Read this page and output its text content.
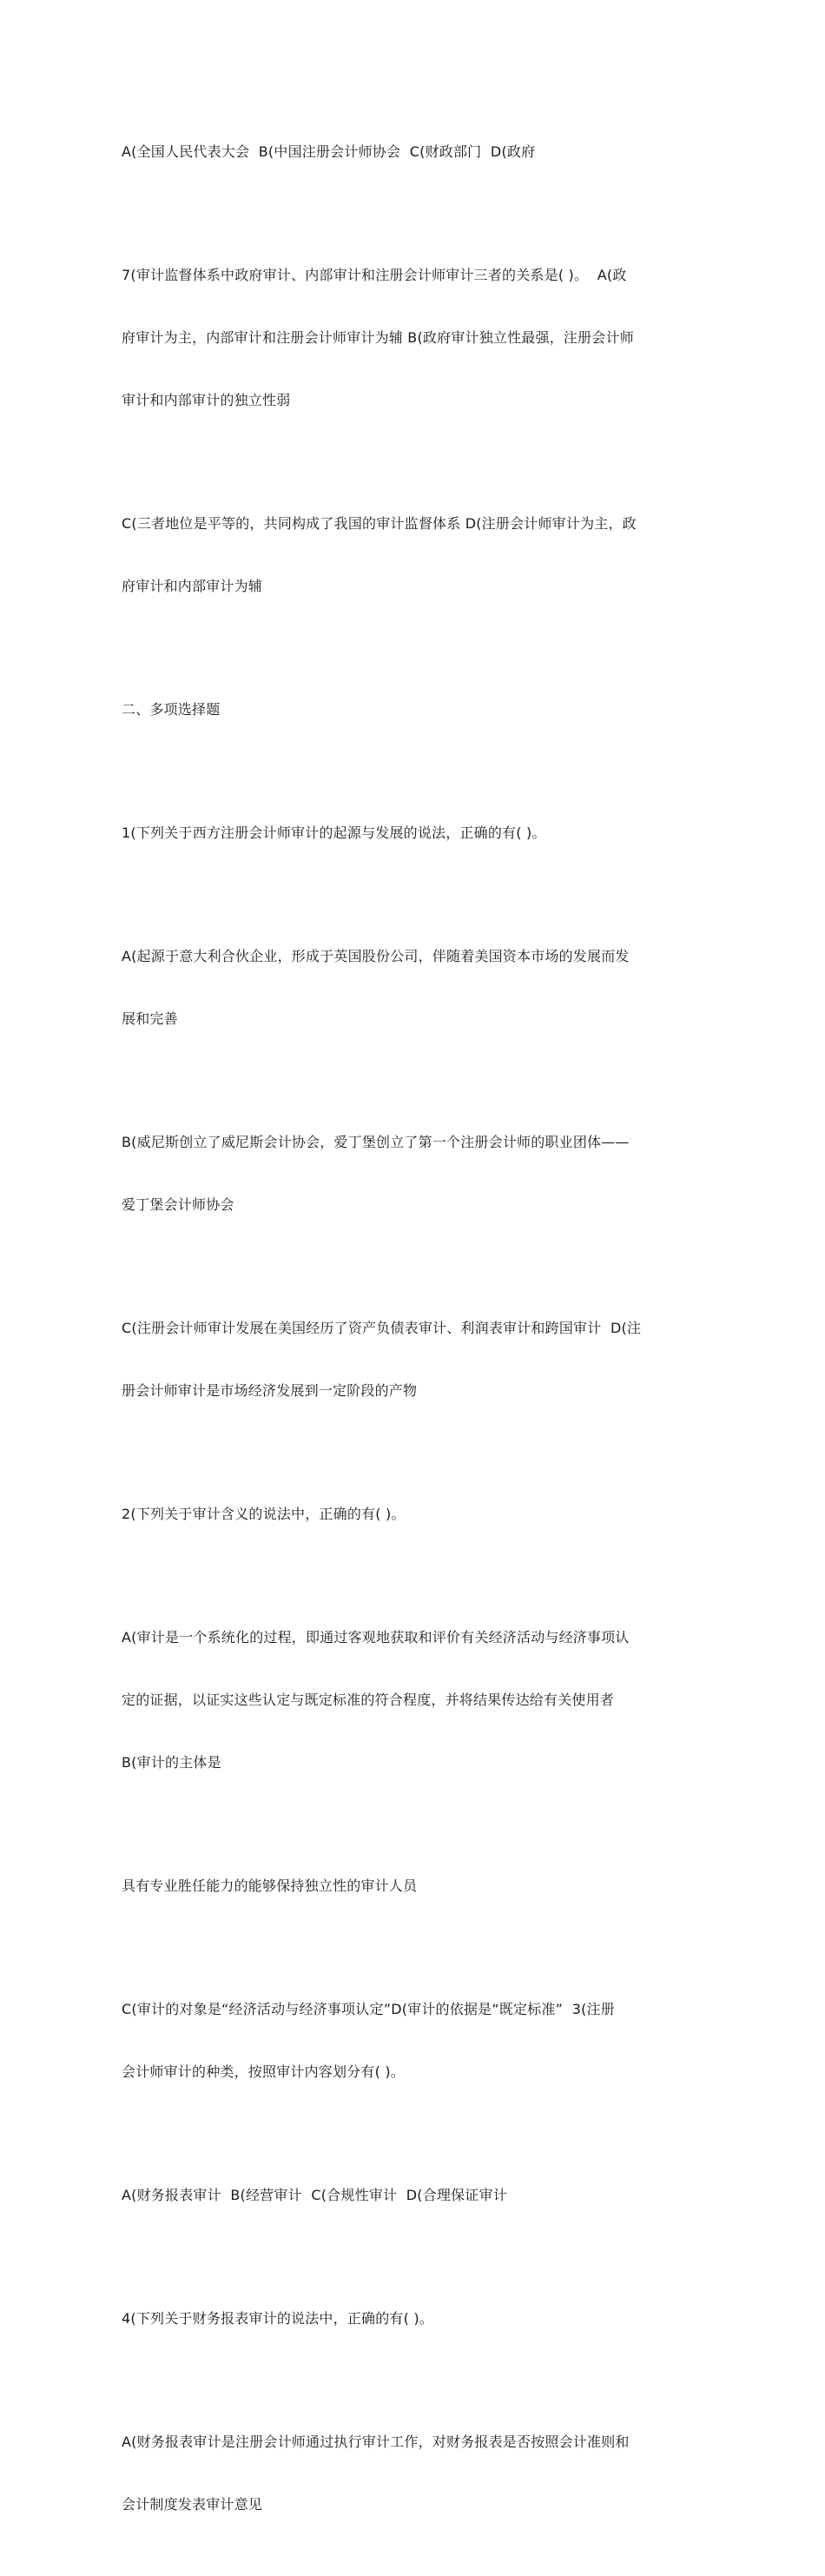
A(全国人民代表大会  B(中国注册会计师协会  C(财政部门  D(政府

7(审计监督体系中政府审计、内部审计和注册会计师审计三者的关系是( )。  A(政

府审计为主，内部审计和注册会计师审计为辅 B(政府审计独立性最强，注册会计师

审计和内部审计的独立性弱

C(三者地位是平等的，共同构成了我国的审计监督体系 D(注册会计师审计为主，政

府审计和内部审计为辅

二、多项选择题

1(下列关于西方注册会计师审计的起源与发展的说法，正确的有( )。

A(起源于意大利合伙企业，形成于英国股份公司，伴随着美国资本市场的发展而发

展和完善

B(威尼斯创立了威尼斯会计协会，爱丁堡创立了第一个注册会计师的职业团体——

爱丁堡会计师协会

C(注册会计师审计发展在美国经历了资产负债表审计、利润表审计和跨国审计  D(注

册会计师审计是市场经济发展到一定阶段的产物

2(下列关于审计含义的说法中，正确的有( )。

A(审计是一个系统化的过程，即通过客观地获取和评价有关经济活动与经济事项认

定的证据，以证实这些认定与既定标准的符合程度，并将结果传达给有关使用者

B(审计的主体是

具有专业胜任能力的能够保持独立性的审计人员

C(审计的对象是“经济活动与经济事项认定”D(审计的依据是“既定标准”  3(注册

会计师审计的种类，按照审计内容划分有( )。

A(财务报表审计  B(经营审计  C(合规性审计  D(合理保证审计

4(下列关于财务报表审计的说法中，正确的有( )。

A(财务报表审计是注册会计师通过执行审计工作，对财务报表是否按照会计准则和

会计制度发表审计意见
